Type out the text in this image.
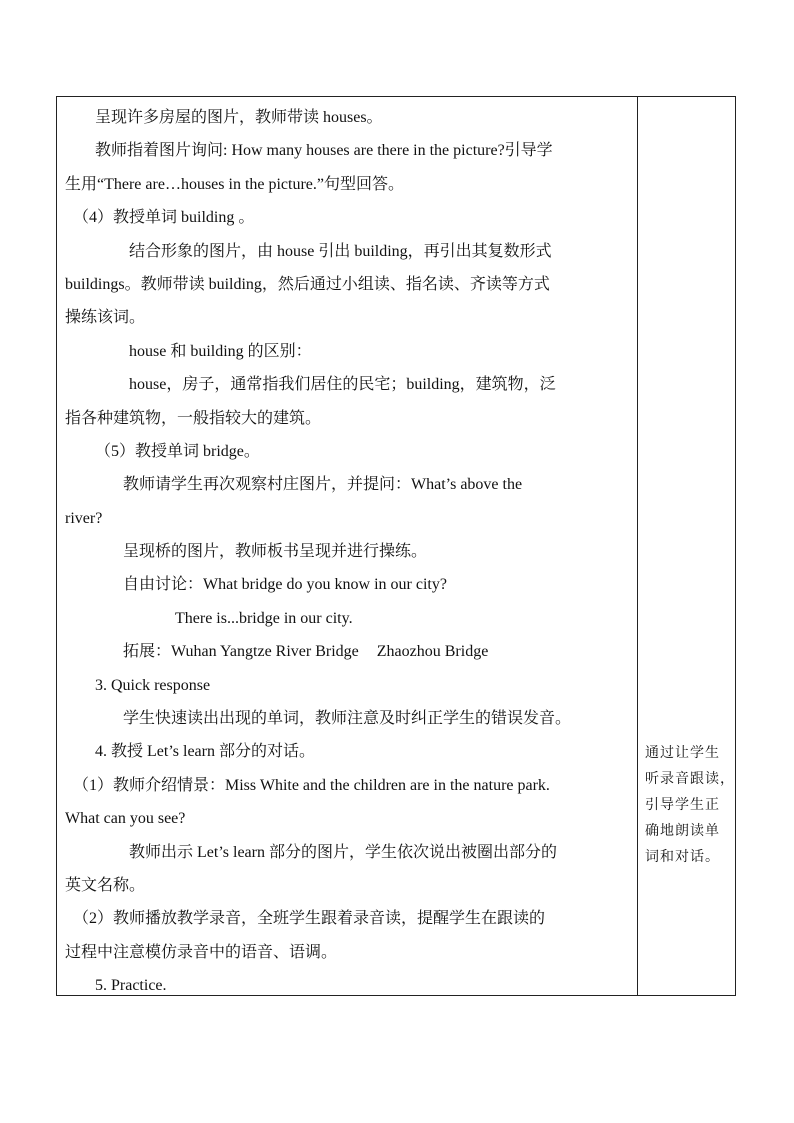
呈现许多房屋的图片，教师带读 houses。
教师指着图片询问: How many houses are there in the picture?引导学
生用“There are…houses in the picture.”句型回答。
（4）教授单词 building 。
结合形象的图片，由 house 引出 building，再引出其复数形式
buildings。教师带读 building，然后通过小组读、指名读、齐读等方式
操练该词。
house 和 building 的区别：
house，房子，通常指我们居住的民宅；building，建筑物，泛
指各种建筑物，一般指较大的建筑。
（5）教授单词 bridge。
教师请学生再次观察村庄图片，并提问：What’s above the
river?
呈现桥的图片，教师板书呈现并进行操练。
自由讨论：What bridge do you know in our city?
There is...bridge in our city.
拓展：Wuhan Yangtze River Bridge Zhaozhou Bridge
3. Quick response
学生快速读出出现的单词，教师注意及时纠正学生的错误发音。
4. 教授 Let’s learn 部分的对话。
（1）教师介绍情景：Miss White and the children are in the nature park.
What can you see?
教师出示 Let’s learn 部分的图片，学生依次说出被圈出部分的
英文名称。
（2）教师播放教学录音，全班学生跟着录音读，提醒学生在跟读的
过程中注意模仿录音中的语音、语调。
5. Practice.
通过让学生
听录音跟读，
引导学生正
确地朗读单
词和对话。
